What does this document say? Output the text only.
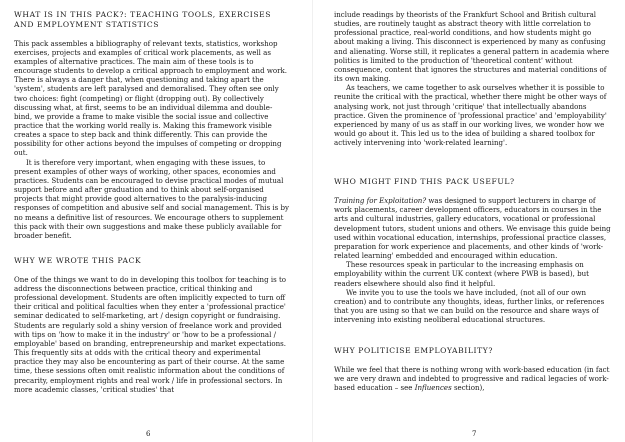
WHAT IS IN THIS PACK?: TEACHING TOOLS, EXERCISES AND EMPLOYMENT STATISTICS

This pack assembles a bibliography of relevant texts, statistics, workshop exercises, projects and examples of critical work placements, as well as examples of alternative practices. The main aim of these tools is to encourage students to develop a critical approach to employment and work. There is always a danger that, when questioning and taking apart the 'system', students are left paralysed and demoralised. They often see only two choices: fight (competing) or flight (dropping out). By collectively discussing what, at first, seems to be an individual dilemma and double-bind, we provide a frame to make visible the social issue and collective practice that the working world really is. Making this framework visible creates a space to step back and think differently. This can provide the possibility for other actions beyond the impulses of competing or dropping out.

It is therefore very important, when engaging with these issues, to present examples of other ways of working, other spaces, economies and practices. Students can be encouraged to devise practical modes of mutual support before and after graduation and to think about self-organised projects that might provide good alternatives to the paralysis-inducing responses of competition and abusive self and social management. This is by no means a definitive list of resources. We encourage others to supplement this pack with their own suggestions and make these publicly available for broader benefit.

WHY WE WROTE THIS PACK

One of the things we want to do in developing this toolbox for teaching is to address the disconnections between practice, critical thinking and professional development. Students are often implicitly expected to turn off their critical and political faculties when they enter a 'professional practice' seminar dedicated to self-marketing, art / design copyright or fundraising. Students are regularly sold a shiny version of freelance work and provided with tips on 'how to make it in the industry' or 'how to be a professional / employable' based on branding, entrepreneurship and market expectations. This frequently sits at odds with the critical theory and experimental practice they may also be encountering as part of their course. At the same time, these sessions often omit realistic information about the conditions of precarity, employment rights and real work / life in professional sectors. In more academic classes, 'critical studies' that

6

include readings by theorists of the Frankfurt School and British cultural studies, are routinely taught as abstract theory with little correlation to professional practice, real-world conditions, and how students might go about making a living. This disconnect is experienced by many as confusing and alienating. Worse still, it replicates a general pattern in academia where politics is limited to the production of 'theoretical content' without consequence, content that ignores the structures and material conditions of its own making.

As teachers, we came together to ask ourselves whether it is possible to reunite the critical with the practical, whether there might be other ways of analysing work, not just through 'critique' that intellectually abandons practice. Given the prominence of 'professional practice' and 'employability' experienced by many of us as staff in our working lives, we wonder how we would go about it. This led us to the idea of building a shared toolbox for actively intervening into 'work-related learning'.

WHO MIGHT FIND THIS PACK USEFUL?

Training for Exploitation? was designed to support lecturers in charge of work placements, career development officers, educators in courses in the arts and cultural industries, gallery educators, vocational or professional development tutors, student unions and others. We envisage this guide being used within vocational education, internships, professional practice classes, preparation for work experience and placements, and other kinds of 'work-related learning' embedded and encouraged within education.

These resources speak in particular to the increasing emphasis on employability within the current UK context (where PWB is based), but readers elsewhere should also find it helpful.

We invite you to use the tools we have included, (not all of our own creation) and to contribute any thoughts, ideas, further links, or references that you are using so that we can build on the resource and share ways of intervening into existing neoliberal educational structures.

WHY POLITICISE EMPLOYABILITY?

While we feel that there is nothing wrong with work-based education (in fact we are very drawn and indebted to progressive and radical legacies of work-based education – see Influences section),

7
